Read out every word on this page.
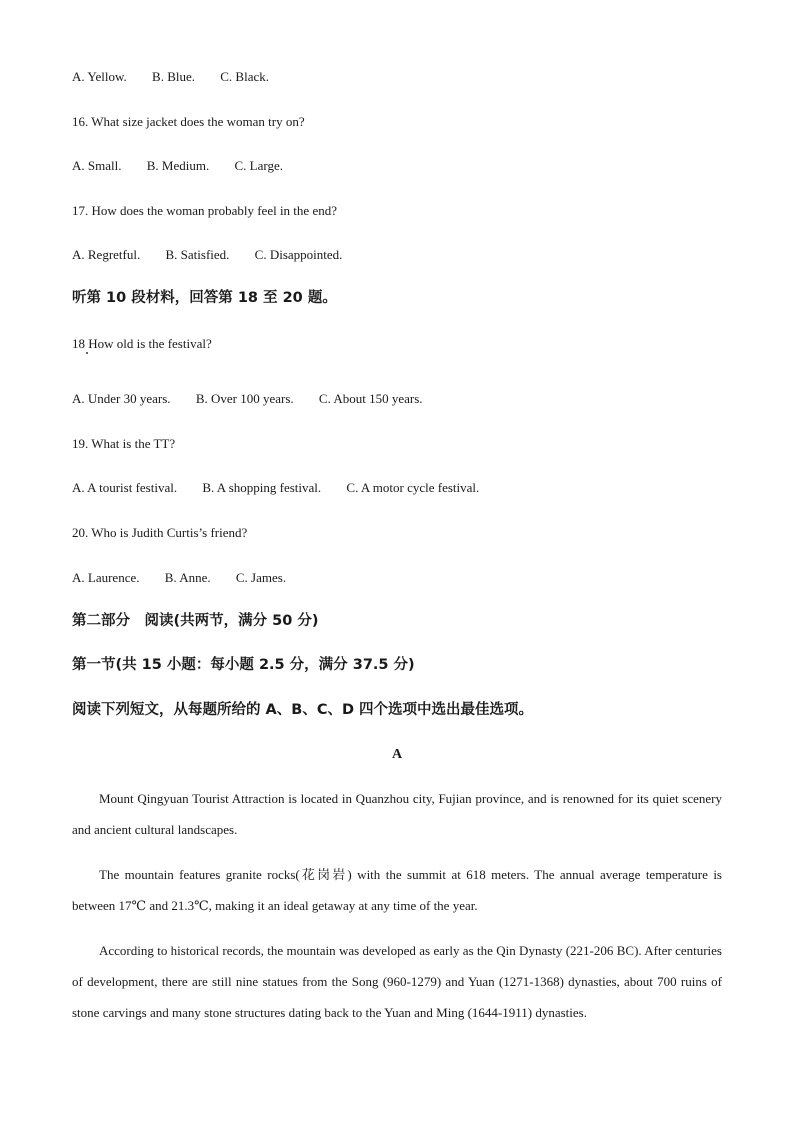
A. Yellow. B. Blue. C. Black.
16. What size jacket does the woman try on?
A. Small. B. Medium. C. Large.
17. How does the woman probably feel in the end?
A. Regretful. B. Satisfied. C. Disappointed.
听第 10 段材料，回答第 18 至 20 题。
18 How old is the festival?
A. Under 30 years. B. Over 100 years. C. About 150 years.
19. What is the TT?
A. A tourist festival. B. A shopping festival. C. A motor cycle festival.
20. Who is Judith Curtis’s friend?
A. Laurence. B. Anne. C. James.
第二部分　阅读(共两节，满分 50 分)
第一节(共 15 小题：每小题 2.5 分，满分 37.5 分)
阅读下列短文，从每题所给的 A、B、C、D 四个选项中选出最佳选项。
A
Mount Qingyuan Tourist Attraction is located in Quanzhou city, Fujian province, and is renowned for its quiet scenery and ancient cultural landscapes.
The mountain features granite rocks(花岗岩) with the summit at 618 meters. The annual average temperature is between 17℃ and 21.3℃, making it an ideal getaway at any time of the year.
According to historical records, the mountain was developed as early as the Qin Dynasty (221-206 BC). After centuries of development, there are still nine statues from the Song (960-1279) and Yuan (1271-1368) dynasties, about 700 ruins of stone carvings and many stone structures dating back to the Yuan and Ming (1644-1911) dynasties.
